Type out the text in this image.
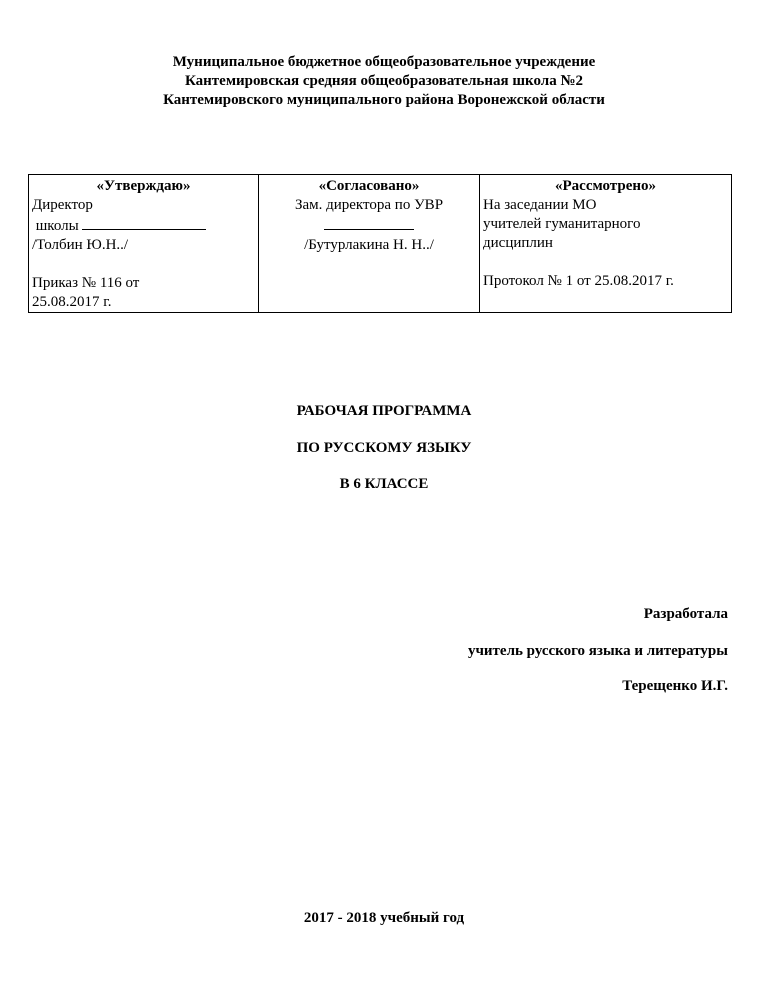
Муниципальное бюджетное общеобразовательное учреждение
Кантемировская средняя общеобразовательная школа №2
Кантемировского муниципального района Воронежской области
«Утверждаю»
Директор
школы
/Толбин Ю.Н../
Приказ № 116 от
25.08.2017 г.

«Согласовано»
Зам. директора по УВР
/Бутурлакина Н. Н../

«Рассмотрено»
На заседании МО
учителей гуманитарного
дисциплин
Протокол № 1 от 25.08.2017 г.
РАБОЧАЯ ПРОГРАММА
ПО РУССКОМУ ЯЗЫКУ
В 6 КЛАССЕ
Разработала
учитель русского языка и литературы
Терещенко И.Г.
2017 - 2018 учебный год
